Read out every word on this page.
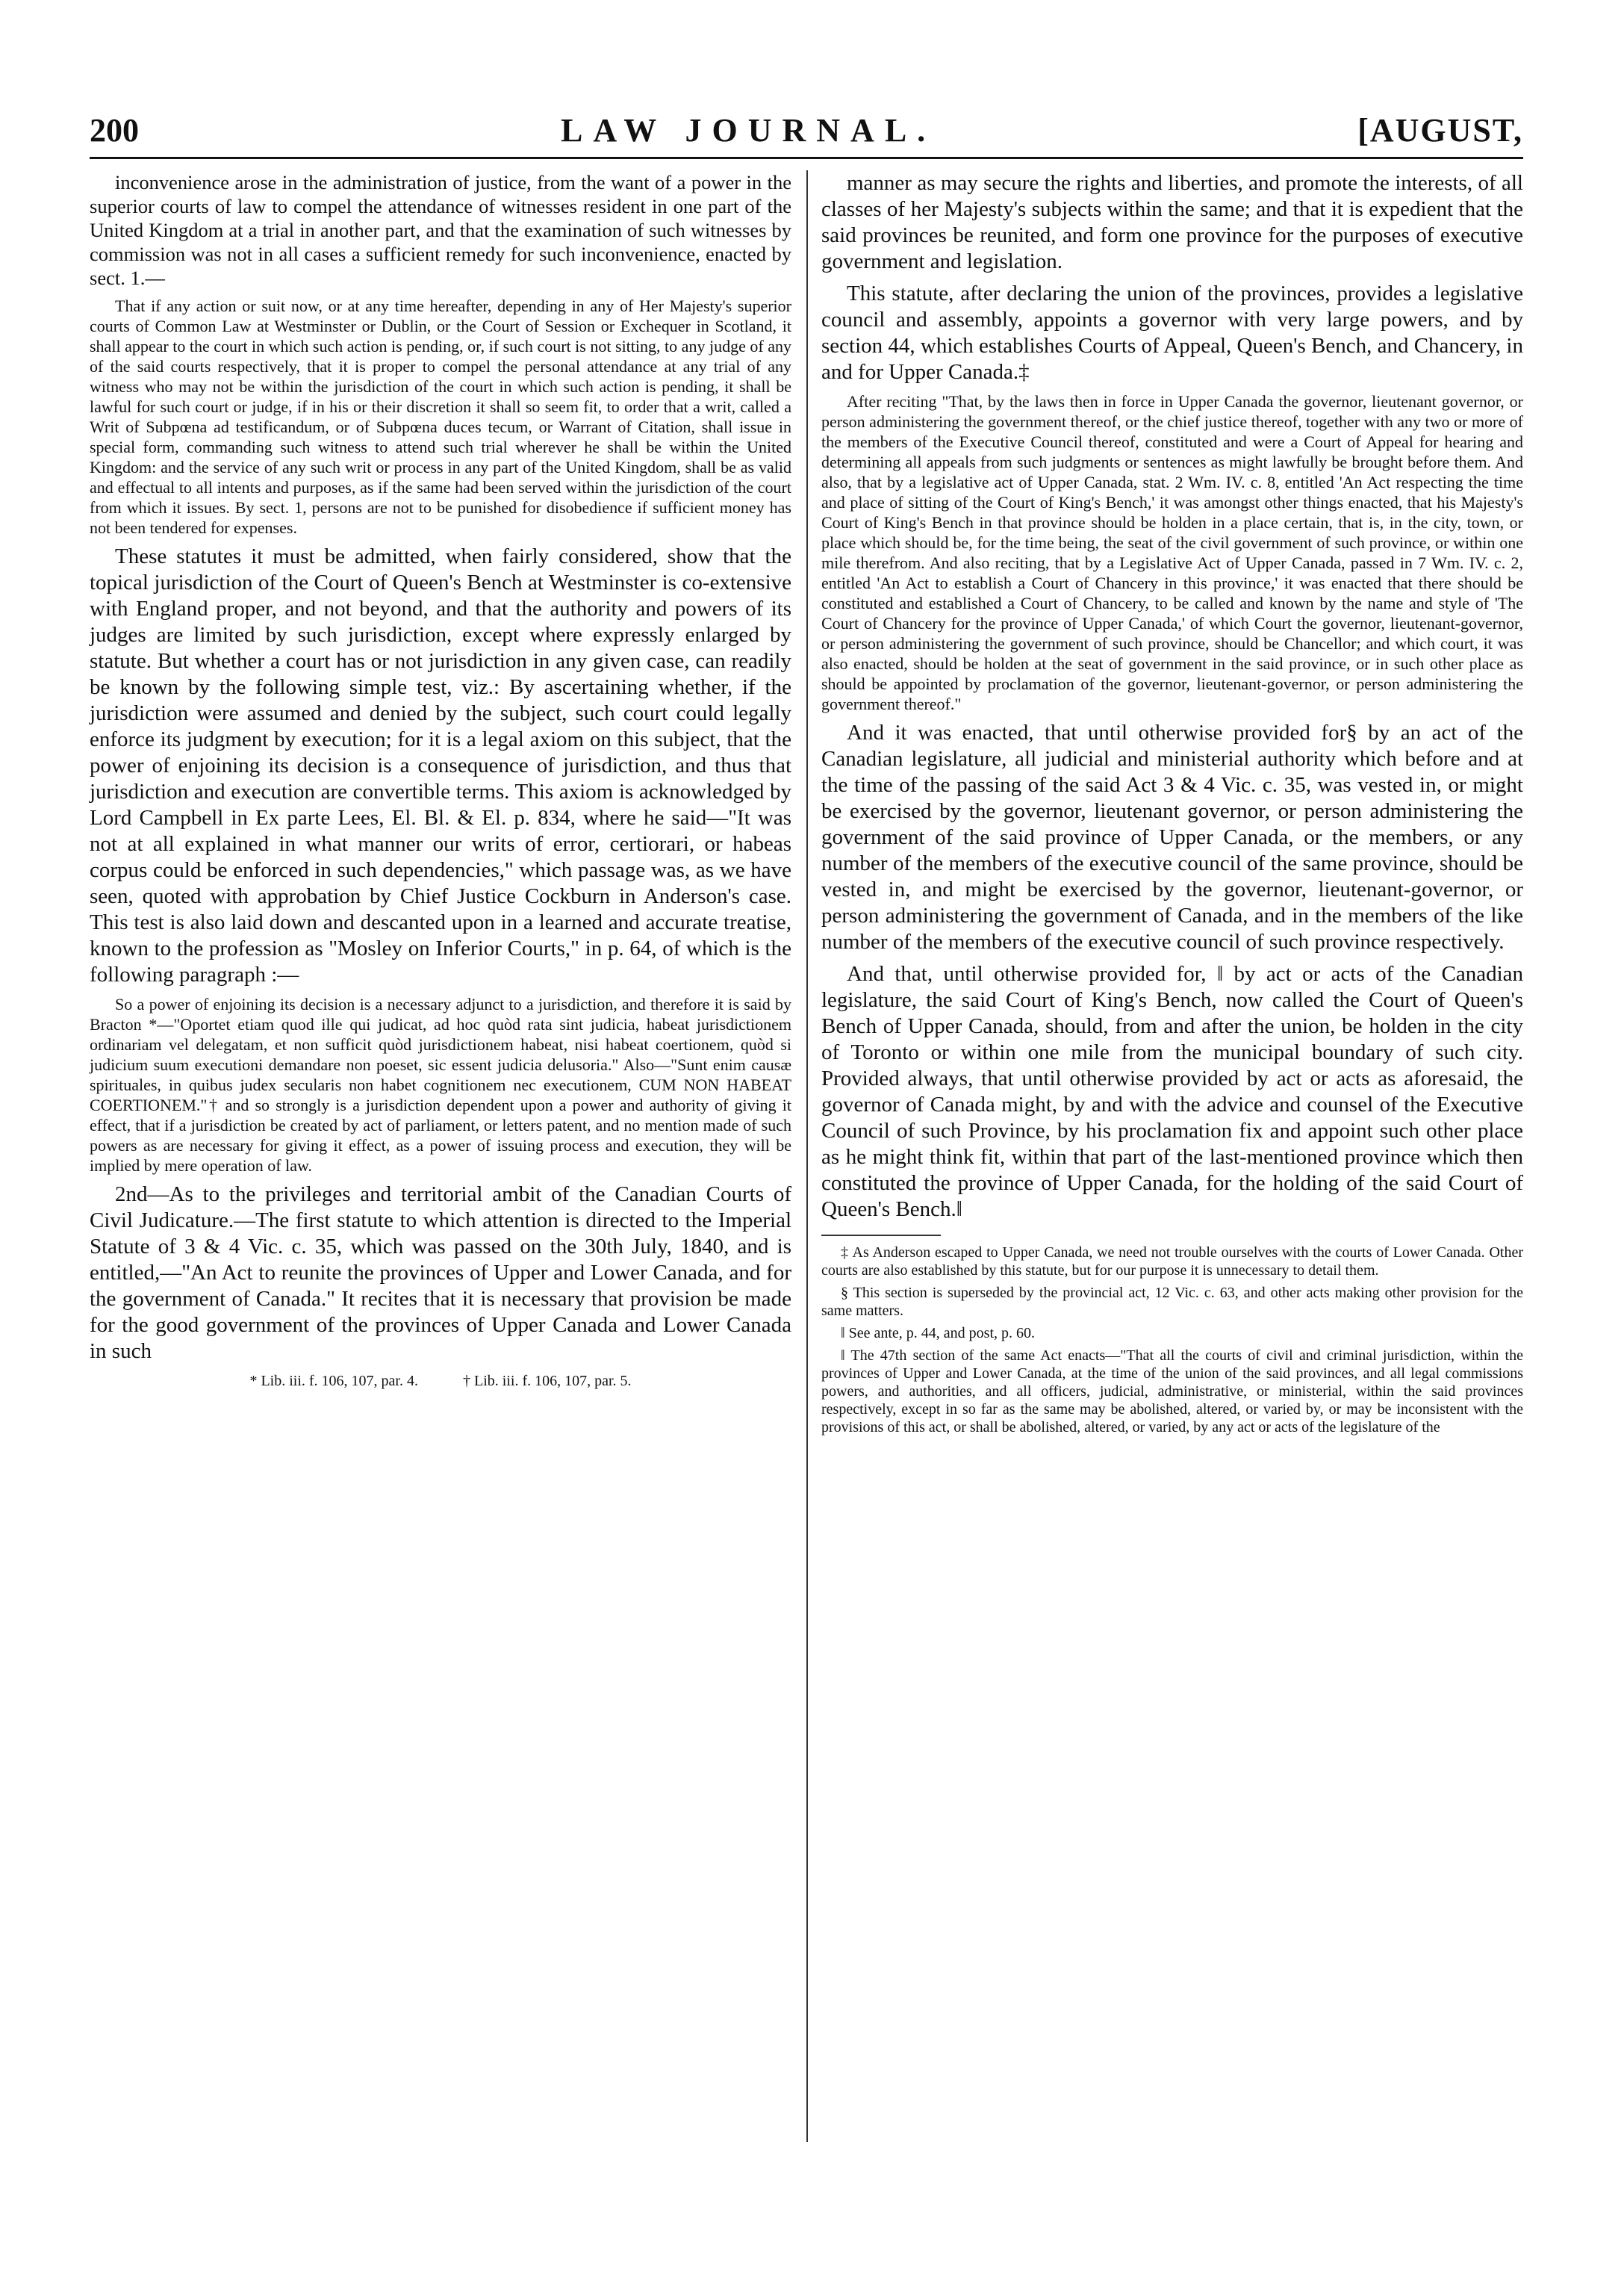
200	LAW JOURNAL.	[AUGUST,

inconvenience arose in the administration of justice, from the want of a power in the superior courts of law to compel the attendance of witnesses resident in one part of the United Kingdom at a trial in another part, and that the examination of such witnesses by commission was not in all cases a sufficient remedy for such inconvenience, enacted by sect. 1.—

That if any action or suit now, or at any time hereafter, depending in any of Her Majesty's superior courts of Common Law at Westminster or Dublin, or the Court of Session or Exchequer in Scotland, it shall appear to the court in which such action is pending, or, if such court is not sitting, to any judge of any of the said courts respectively, that it is proper to compel the personal attendance at any trial of any witness who may not be within the jurisdiction of the court in which such action is pending, it shall be lawful for such court or judge, if in his or their discretion it shall so seem fit, to order that a writ, called a Writ of Subpœna ad testificandum, or of Subpœna duces tecum, or Warrant of Citation, shall issue in special form, commanding such witness to attend such trial wherever he shall be within the United Kingdom: and the service of any such writ or process in any part of the United Kingdom, shall be as valid and effectual to all intents and purposes, as if the same had been served within the jurisdiction of the court from which it issues. By sect. 1, persons are not to be punished for disobedience if sufficient money has not been tendered for expenses.

These statutes it must be admitted, when fairly considered, show that the topical jurisdiction of the Court of Queen's Bench at Westminster is co-extensive with England proper, and not beyond, and that the authority and powers of its judges are limited by such jurisdiction, except where expressly enlarged by statute. But whether a court has or not jurisdiction in any given case, can readily be known by the following simple test, viz.: By ascertaining whether, if the jurisdiction were assumed and denied by the subject, such court could legally enforce its judgment by execution; for it is a legal axiom on this subject, that the power of enjoining its decision is a consequence of jurisdiction, and thus that jurisdiction and execution are convertible terms. This axiom is acknowledged by Lord Campbell in Ex parte Lees, El. Bl. & El. p. 834, where he said—"It was not at all explained in what manner our writs of error, certiorari, or habeas corpus could be enforced in such dependencies," which passage was, as we have seen, quoted with approbation by Chief Justice Cockburn in Anderson's case. This test is also laid down and descanted upon in a learned and accurate treatise, known to the profession as "Mosley on Inferior Courts," in p. 64, of which is the following paragraph :—

So a power of enjoining its decision is a necessary adjunct to a jurisdiction, and therefore it is said by Bracton *—"Oportet etiam quod ille qui judicat, ad hoc quòd rata sint judicia, habeat jurisdictionem ordinariam vel delegatam, et non sufficit quòd jurisdictionem habeat, nisi habeat coertionem, quòd si judicium suum executioni demandare non poeset, sic essent judicia delusoria." Also—"Sunt enim causæ spirituales, in quibus judex secularis non habet cognitionem nec executionem, CUM NON HABEAT COERTIONEM."† and so strongly is a jurisdiction dependent upon a power and authority of giving it effect, that if a jurisdiction be created by act of parliament, or letters patent, and no mention made of such powers as are necessary for giving it effect, as a power of issuing process and execution, they will be implied by mere operation of law.

2nd—As to the privileges and territorial ambit of the Canadian Courts of Civil Judicature.—The first statute to which attention is directed to the Imperial Statute of 3 & 4 Vic. c. 35, which was passed on the 30th July, 1840, and is entitled,—"An Act to reunite the provinces of Upper and Lower Canada, and for the government of Canada." It recites that it is necessary that provision be made for the good government of the provinces of Upper Canada and Lower Canada in such

* Lib. iii. f. 106, 107, par. 4.	† Lib. iii. f. 106, 107, par. 5.

manner as may secure the rights and liberties, and promote the interests, of all classes of her Majesty's subjects within the same; and that it is expedient that the said provinces be reunited, and form one province for the purposes of executive government and legislation.

This statute, after declaring the union of the provinces, provides a legislative council and assembly, appoints a governor with very large powers, and by section 44, which establishes Courts of Appeal, Queen's Bench, and Chancery, in and for Upper Canada.‡

After reciting "That, by the laws then in force in Upper Canada the governor, lieutenant governor, or person administering the government thereof, or the chief justice thereof, together with any two or more of the members of the Executive Council thereof, constituted and were a Court of Appeal for hearing and determining all appeals from such judgments or sentences as might lawfully be brought before them. And also, that by a legislative act of Upper Canada, stat. 2 Wm. IV. c. 8, entitled 'An Act respecting the time and place of sitting of the Court of King's Bench,' it was amongst other things enacted, that his Majesty's Court of King's Bench in that province should be holden in a place certain, that is, in the city, town, or place which should be, for the time being, the seat of the civil government of such province, or within one mile therefrom. And also reciting, that by a Legislative Act of Upper Canada, passed in 7 Wm. IV. c. 2, entitled 'An Act to establish a Court of Chancery in this province,' it was enacted that there should be constituted and established a Court of Chancery, to be called and known by the name and style of 'The Court of Chancery for the province of Upper Canada,' of which Court the governor, lieutenant-governor, or person administering the government of such province, should be Chancellor; and which court, it was also enacted, should be holden at the seat of government in the said province, or in such other place as should be appointed by proclamation of the governor, lieutenant-governor, or person administering the government thereof."

And it was enacted, that until otherwise provided for§ by an act of the Canadian legislature, all judicial and ministerial authority which before and at the time of the passing of the said Act 3 & 4 Vic. c. 35, was vested in, or might be exercised by the governor, lieutenant governor, or person administering the government of the said province of Upper Canada, or the members, or any number of the members of the executive council of the same province, should be vested in, and might be exercised by the governor, lieutenant-governor, or person administering the government of Canada, and in the members of the like number of the members of the executive council of such province respectively.

And that, until otherwise provided for, ‖ by act or acts of the Canadian legislature, the said Court of King's Bench, now called the Court of Queen's Bench of Upper Canada, should, from and after the union, be holden in the city of Toronto or within one mile from the municipal boundary of such city. Provided always, that until otherwise provided by act or acts as aforesaid, the governor of Canada might, by and with the advice and counsel of the Executive Council of such Province, by his proclamation fix and appoint such other place as he might think fit, within that part of the last-mentioned province which then constituted the province of Upper Canada, for the holding of the said Court of Queen's Bench.‖

‡ As Anderson escaped to Upper Canada, we need not trouble ourselves with the courts of Lower Canada. Other courts are also established by this statute, but for our purpose it is unnecessary to detail them.
§ This section is superseded by the provincial act, 12 Vic. c. 63, and other acts making other provision for the same matters.
‖ See ante, p. 44, and post, p. 60.
‖ The 47th section of the same Act enacts—"That all the courts of civil and criminal jurisdiction, within the provinces of Upper and Lower Canada, at the time of the union of the said provinces, and all legal commissions powers, and authorities, and all officers, judicial, administrative, or ministerial, within the said provinces respectively, except in so far as the same may be abolished, altered, or varied by, or may be inconsistent with the provisions of this act, or shall be abolished, altered, or varied, by any act or acts of the legislature of the
